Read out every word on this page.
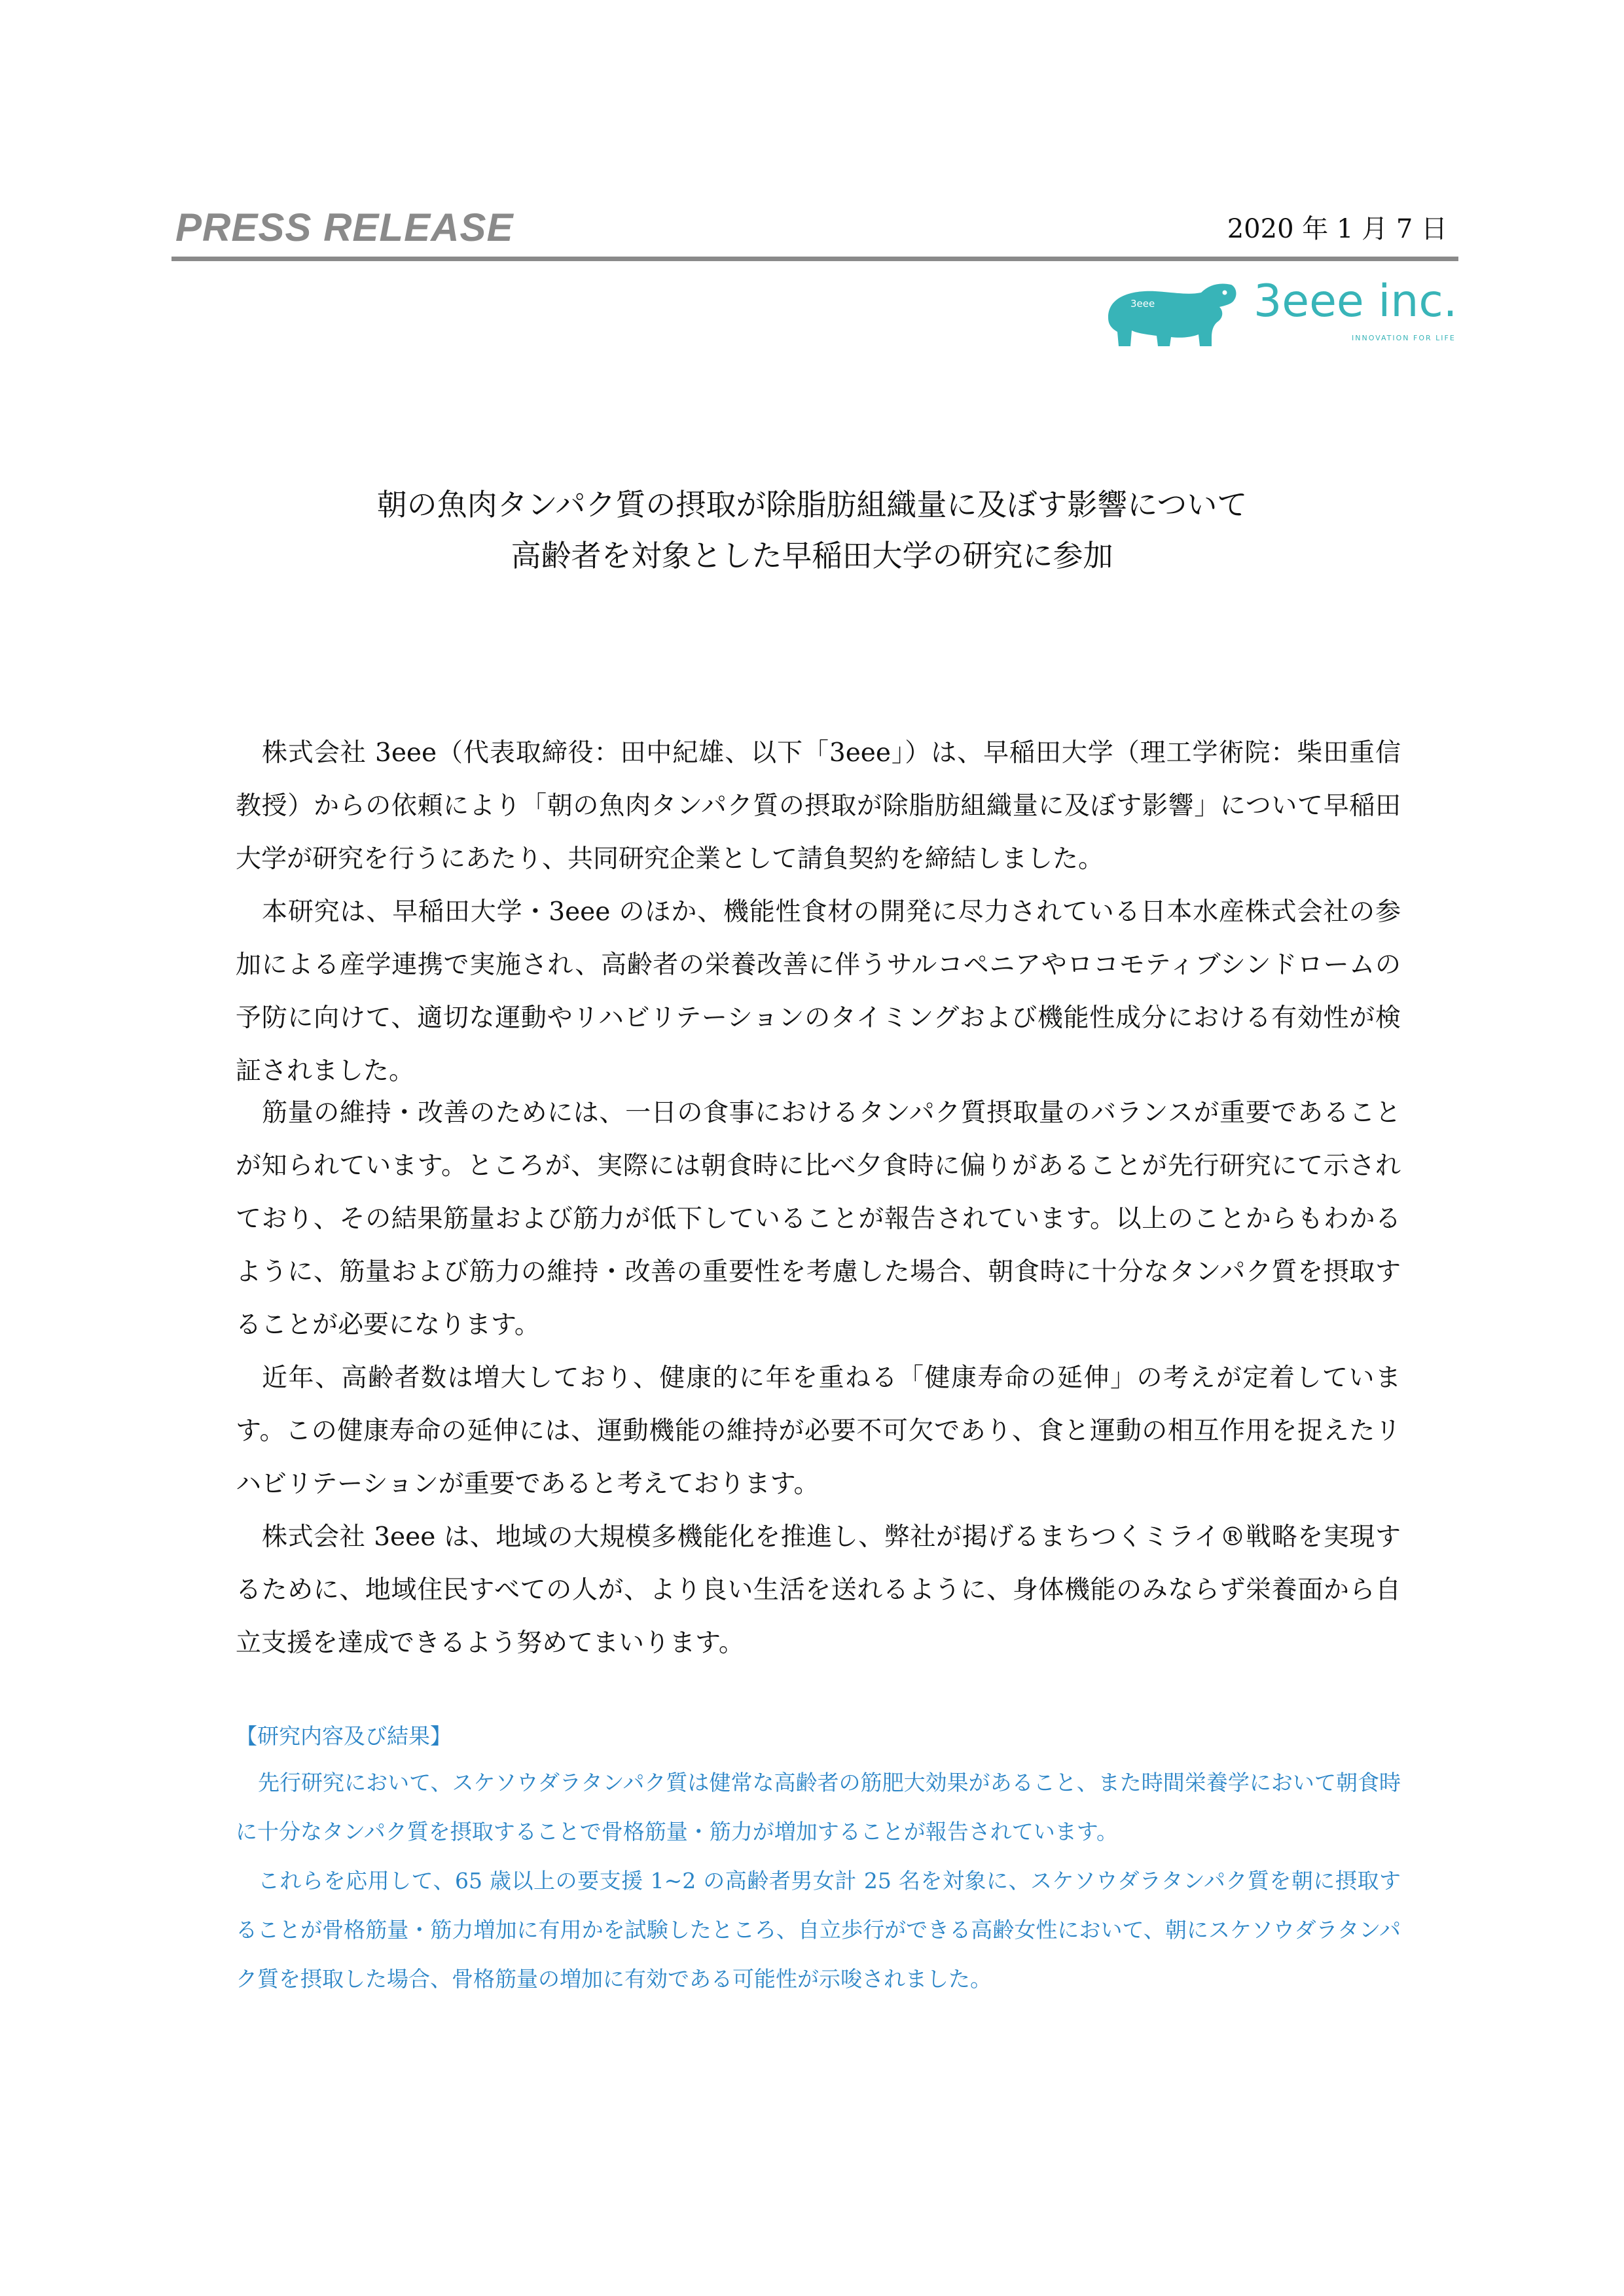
PRESS RELEASE	2020 年 1 月 7 日
3eee 3eee inc.
INNOVATION FOR LIFE
朝の魚肉タンパク質の摂取が除脂肪組織量に及ぼす影響について
高齢者を対象とした早稲田大学の研究に参加

株式会社 3eee（代表取締役：田中紀雄、以下「3eee」）は、早稲田大学（理工学術院：柴田重信教授）からの依頼により「朝の魚肉タンパク質の摂取が除脂肪組織量に及ぼす影響」について早稲田大学が研究を行うにあたり、共同研究企業として請負契約を締結しました。

本研究は、早稲田大学・3eee のほか、機能性食材の開発に尽力されている日本水産株式会社の参加による産学連携で実施され、高齢者の栄養改善に伴うサルコペニアやロコモティブシンドロームの予防に向けて、適切な運動やリハビリテーションのタイミングおよび機能性成分における有効性が検証されました。

筋量の維持・改善のためには、一日の食事におけるタンパク質摂取量のバランスが重要であることが知られています。ところが、実際には朝食時に比べ夕食時に偏りがあることが先行研究にて示されており、その結果筋量および筋力が低下していることが報告されています。以上のことからもわかるように、筋量および筋力の維持・改善の重要性を考慮した場合、朝食時に十分なタンパク質を摂取することが必要になります。

近年、高齢者数は増大しており、健康的に年を重ねる「健康寿命の延伸」の考えが定着しています。この健康寿命の延伸には、運動機能の維持が必要不可欠であり、食と運動の相互作用を捉えたリハビリテーションが重要であると考えております。

株式会社 3eee は、地域の大規模多機能化を推進し、弊社が掲げるまちつくミライ®戦略を実現するために、地域住民すべての人が、より良い生活を送れるように、身体機能のみならず栄養面から自立支援を達成できるよう努めてまいります。

【研究内容及び結果】

先行研究において、スケソウダラタンパク質は健常な高齢者の筋肥大効果があること、また時間栄養学において朝食時に十分なタンパク質を摂取することで骨格筋量・筋力が増加することが報告されています。

これらを応用して、65 歳以上の要支援 1~2 の高齢者男女計 25 名を対象に、スケソウダラタンパク質を朝に摂取することが骨格筋量・筋力増加に有用かを試験したところ、自立歩行ができる高齢女性において、朝にスケソウダラタンパク質を摂取した場合、骨格筋量の増加に有効である可能性が示唆されました。
